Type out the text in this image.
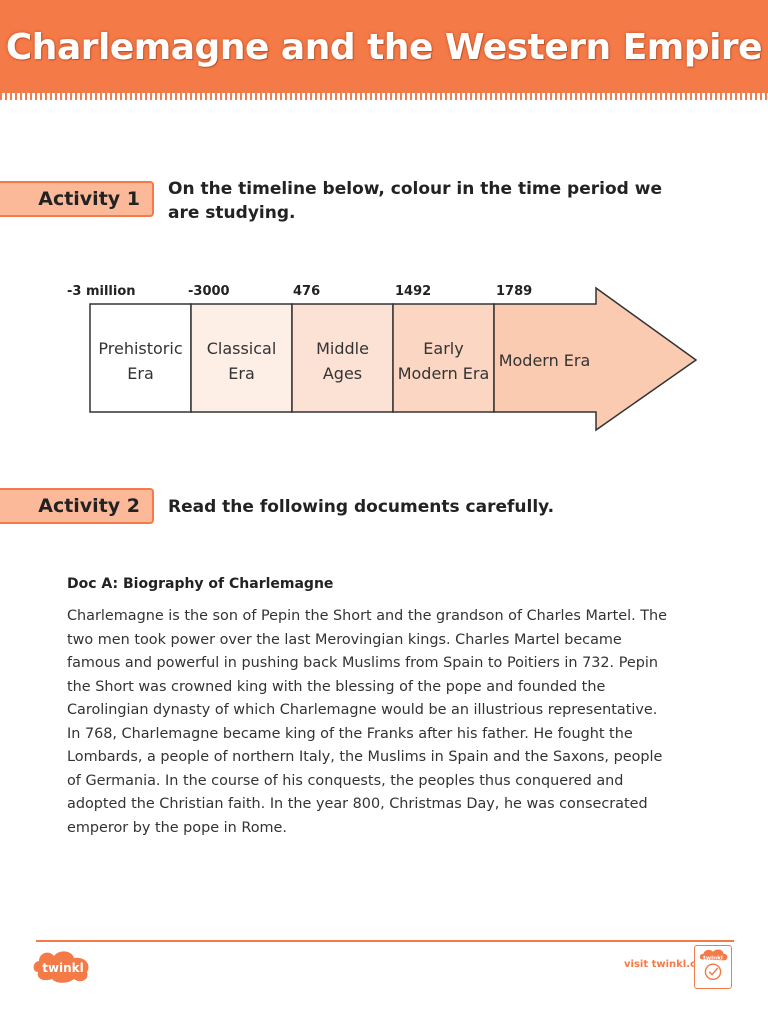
Charlemagne and the Western Empire
Activity 1	On the timeline below, colour in the time period we are studying.
-3 million	-3000	476	1492	1789
Prehistoric
Era
Classical
Era
Middle
Ages
Early
Modern Era
Modern Era
Activity 2	Read the following documents carefully.
Doc A: Biography of Charlemagne
Charlemagne is the son of Pepin the Short and the grandson of Charles Martel. The two men took power over the last Merovingian kings. Charles Martel became famous and powerful in pushing back Muslims from Spain to Poitiers in 732. Pepin the Short was crowned king with the blessing of the pope and founded the Carolingian dynasty of which Charlemagne would be an illustrious representative. In 768, Charlemagne became king of the Franks after his father. He fought the Lombards, a people of northern Italy, the Muslims in Spain and the Saxons, people of Germania. In the course of his conquests, the peoples thus conquered and adopted the Christian faith. In the year 800, Christmas Day, he was consecrated emperor by the pope in Rome.
twinkl	visit twinkl.ca
twinkl
